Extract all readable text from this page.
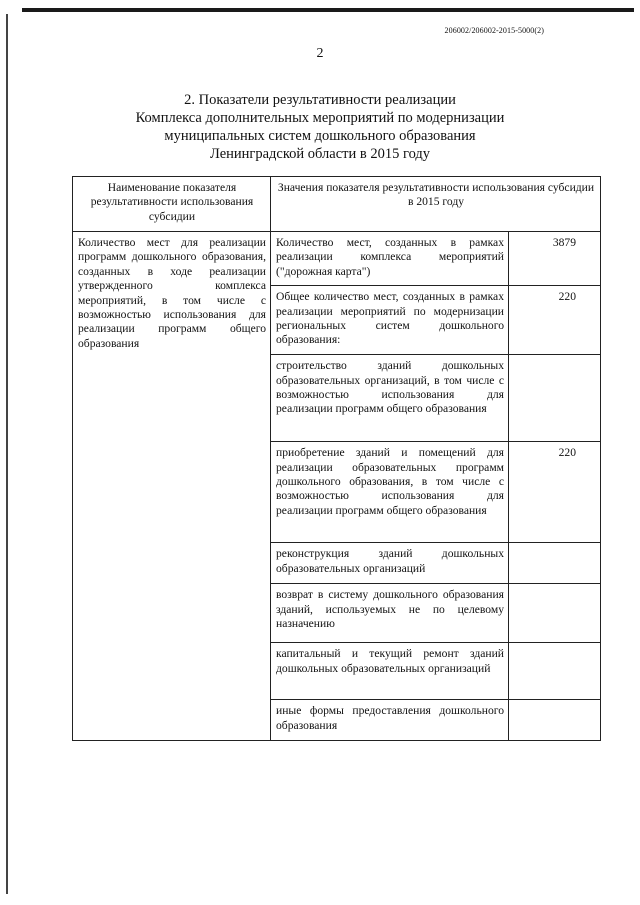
206002/206002-2015-5000(2)
2
2. Показатели результативности реализации
Комплекса дополнительных мероприятий по модернизации
муниципальных систем дошкольного образования
Ленинградской области в 2015 году
Наименование показателя результативности использования субсидии	Значения показателя результативности использования субсидии в 2015 году	
Количество мест для реализации программ дошкольного образования, созданных в ходе реализации утвержденного комплекса мероприятий, в том числе с возможностью использования для реализации программ общего образования	Количество мест, созданных в рамках реализации комплекса мероприятий ("дорожная карта")	3879
	Общее количество мест, созданных в рамках реализации мероприятий по модернизации региональных систем дошкольного образования:	220
	строительство зданий дошкольных образовательных организаций, в том числе с возможностью использования для реализации программ общего образования	
	приобретение зданий и помещений для реализации образовательных программ дошкольного образования, в том числе с возможностью использования для реализации программ общего образования	220
	реконструкция зданий дошкольных образовательных организаций	
	возврат в систему дошкольного образования зданий, используемых не по целевому назначению	
	капитальный и текущий ремонт зданий дошкольных образовательных организаций	
	иные формы предоставления дошкольного образования	
